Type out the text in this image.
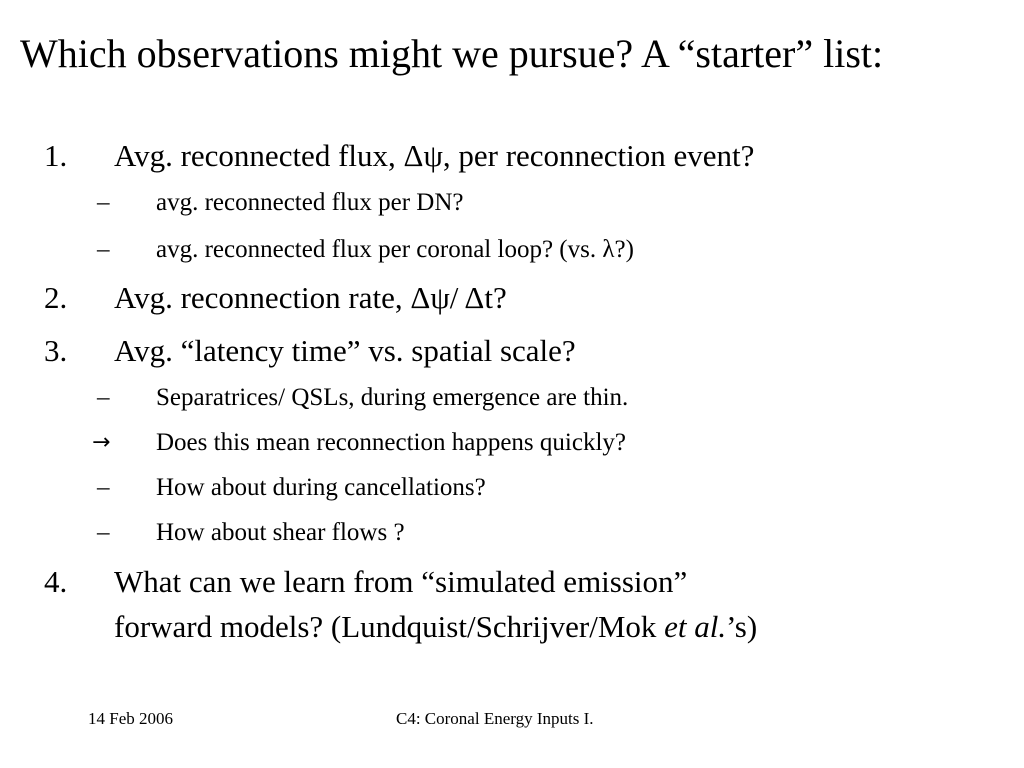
Which observations might we pursue? A “starter” list:
1. Avg. reconnected flux, Δψ, per reconnection event?
– avg. reconnected flux per DN?
– avg. reconnected flux per coronal loop? (vs. λ?)
2. Avg. reconnection rate, Δψ/ Δt?
3. Avg. “latency time” vs. spatial scale?
– Separatrices/ QSLs, during emergence are thin.
→ Does this mean reconnection happens quickly?
– How about during cancellations?
– How about shear flows ?
4. What can we learn from “simulated emission”
forward models? (Lundquist/Schrijver/Mok et al.’s)
14 Feb 2006	C4: Coronal Energy Inputs I.
